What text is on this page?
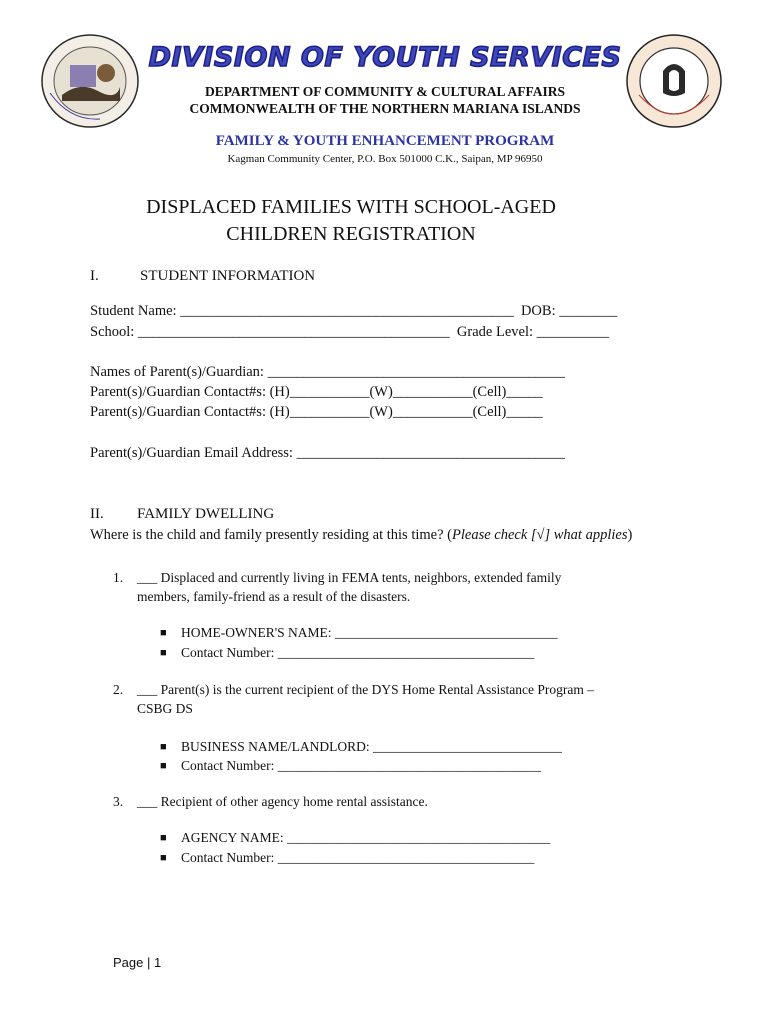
DIVISION OF YOUTH SERVICES
DEPARTMENT OF COMMUNITY & CULTURAL AFFAIRS
COMMONWEALTH OF THE NORTHERN MARIANA ISLANDS
FAMILY & YOUTH ENHANCEMENT PROGRAM
Kagman Community Center, P.O. Box 501000 C.K., Saipan, MP 96950
DISPLACED FAMILIES WITH SCHOOL-AGED
CHILDREN REGISTRATION
I.	STUDENT INFORMATION
Student Name: ______________________________________________  DOB: ________
School: ___________________________________________  Grade Level: __________
Names of Parent(s)/Guardian: _________________________________________
Parent(s)/Guardian Contact#s: (H)___________(W)___________(Cell)_____
Parent(s)/Guardian Contact#s: (H)___________(W)___________(Cell)_____
Parent(s)/Guardian Email Address: _____________________________________
II. FAMILY DWELLING
Where is the child and family presently residing at this time? (Please check [√] what applies)
1. ___ Displaced and currently living in FEMA tents, neighbors, extended family
members, family-friend as a result of the disasters.
■ HOME-OWNER'S NAME: _________________________________
■ Contact Number: ______________________________________
2. ___ Parent(s) is the current recipient of the DYS Home Rental Assistance Program –
CSBG DS
■ BUSINESS NAME/LANDLORD: ____________________________
■ Contact Number: _______________________________________
3. ___ Recipient of other agency home rental assistance.
■ AGENCY NAME: _______________________________________
■ Contact Number: ______________________________________
Page | 1
